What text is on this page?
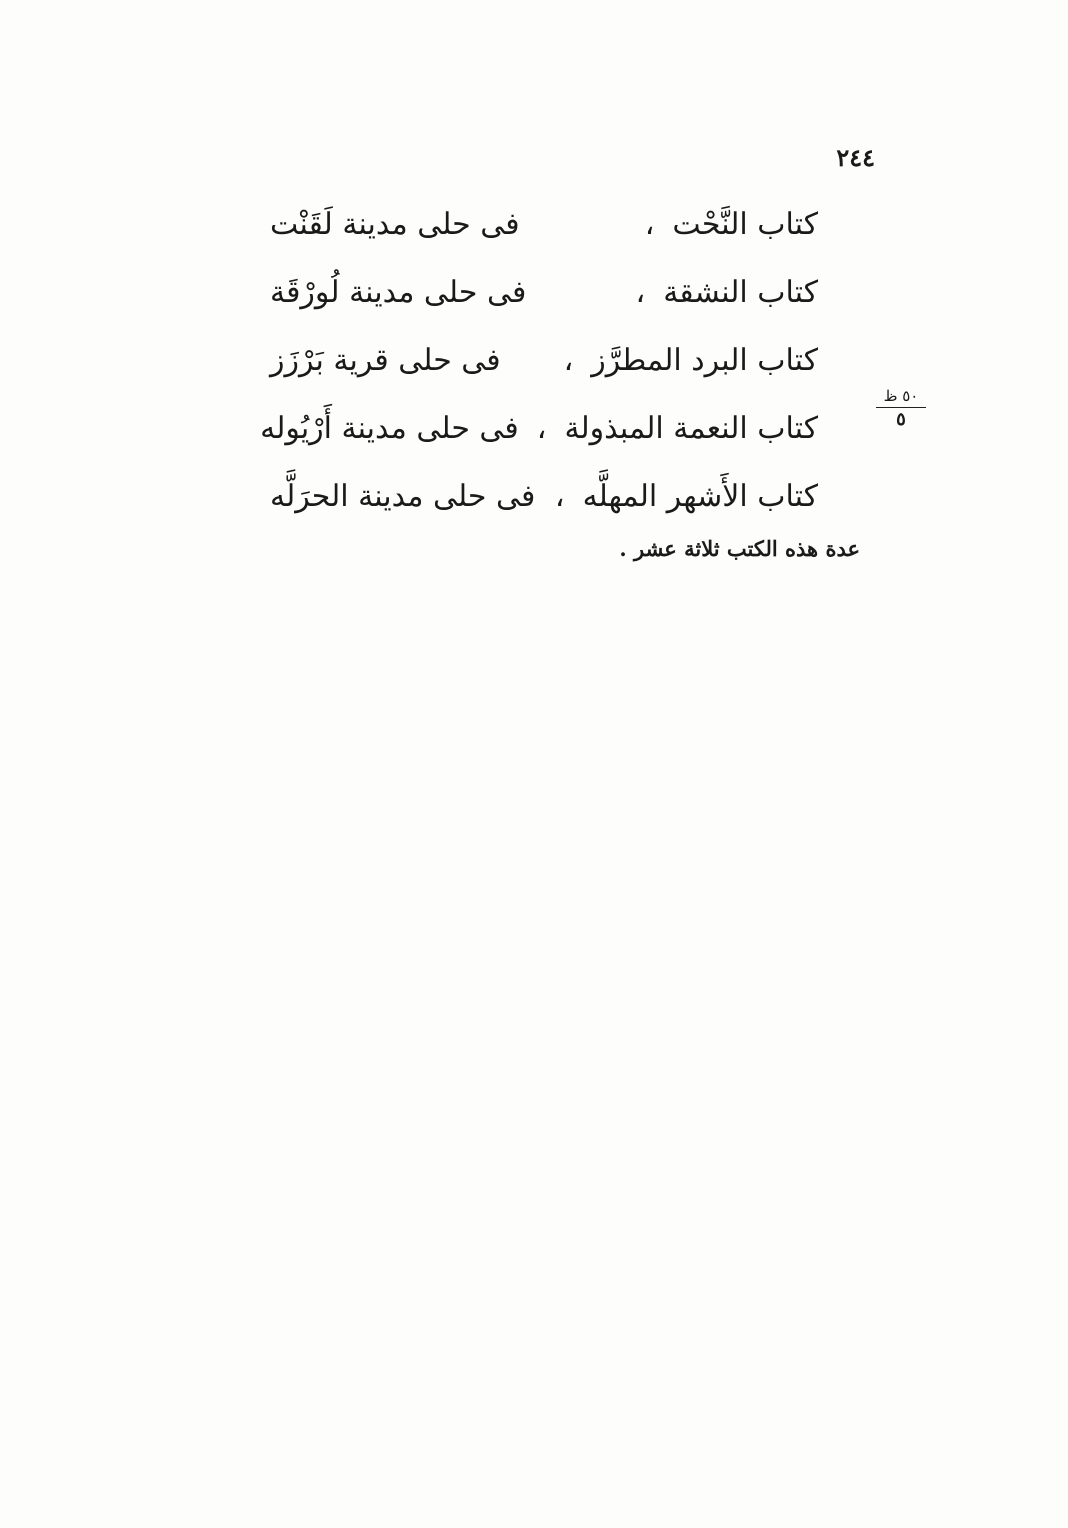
٢٤٤
كتاب النَّحْت
،
فى حلى مدينة لَقَنْت
كتاب النشقة
،
فى حلى مدينة لُورْقَة
كتاب البرد المطرَّز
،
فى حلى قرية بَرْزَز
كتاب النعمة المبذولة
،
فى حلى مدينة أَرْيُوله
كتاب الأَشهر المهلَّه
،
فى حلى مدينة الحرَلَّه
٥٠ ظ
٥
عدة هذه الكتب ثلاثة عشر .
